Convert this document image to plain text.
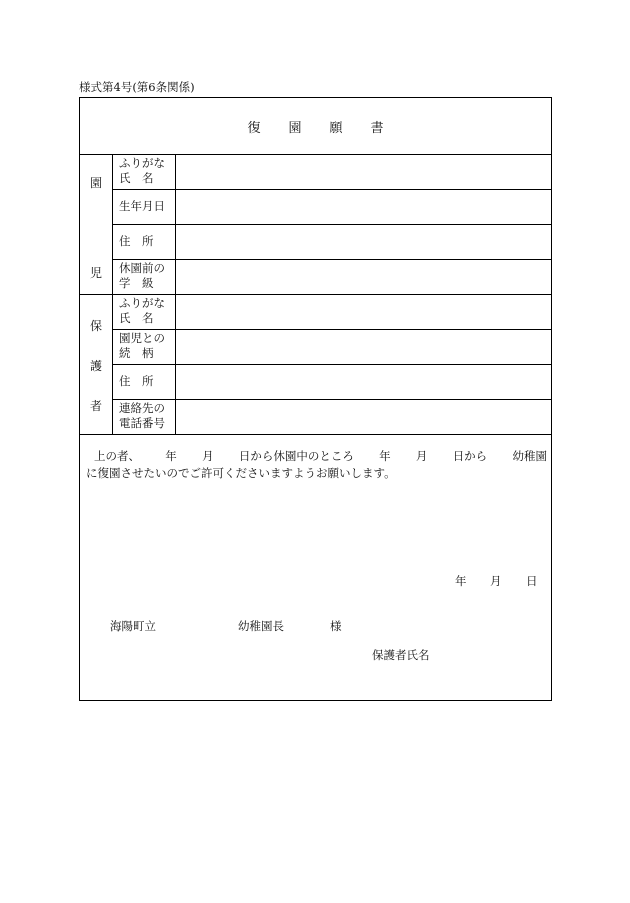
様式第4号(第6条関係)
復 園 願 書
園
児
ふりがな
氏　名
生年月日
住　所
休園前の
学　級
保
護
者
ふりがな
氏　名
園児との
続　柄
住　所
連絡先の
電話番号
上の者、 年 月 日から休園中のところ 年 月 日から 幼稚園
に復園させたいのでご許可くださいますようお願いします。
年 月 日
海陽町立	幼稚園長	様
保護者氏名
